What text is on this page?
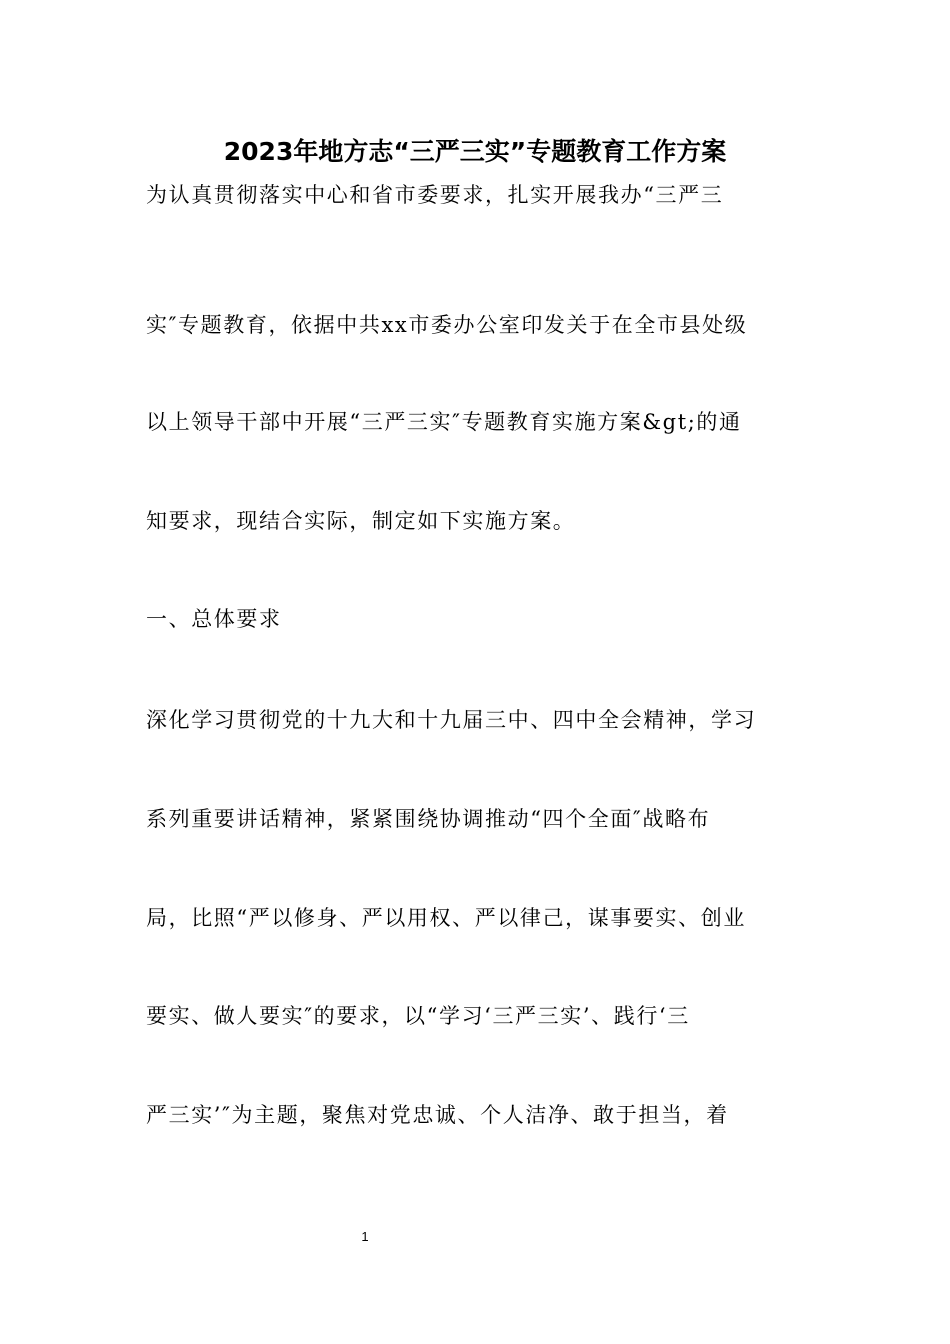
2023年地方志“三严三实”专题教育工作方案
为认真贯彻落实中心和省市委要求，扎实开展我办“三严三
实″专题教育，依据中共xx市委办公室印发关于在全市县处级
以上领导干部中开展“三严三实″专题教育实施方案&gt;的通
知要求，现结合实际，制定如下实施方案。
一、总体要求
深化学习贯彻党的十九大和十九届三中、四中全会精神，学习
系列重要讲话精神，紧紧围绕协调推动“四个全面″战略布
局，比照“严以修身、严以用权、严以律己，谋事要实、创业
要实、做人要实″的要求，以“学习‘三严三实’、践行‘三
严三实’″为主题，聚焦对党忠诚、个人洁净、敢于担当，着
1
